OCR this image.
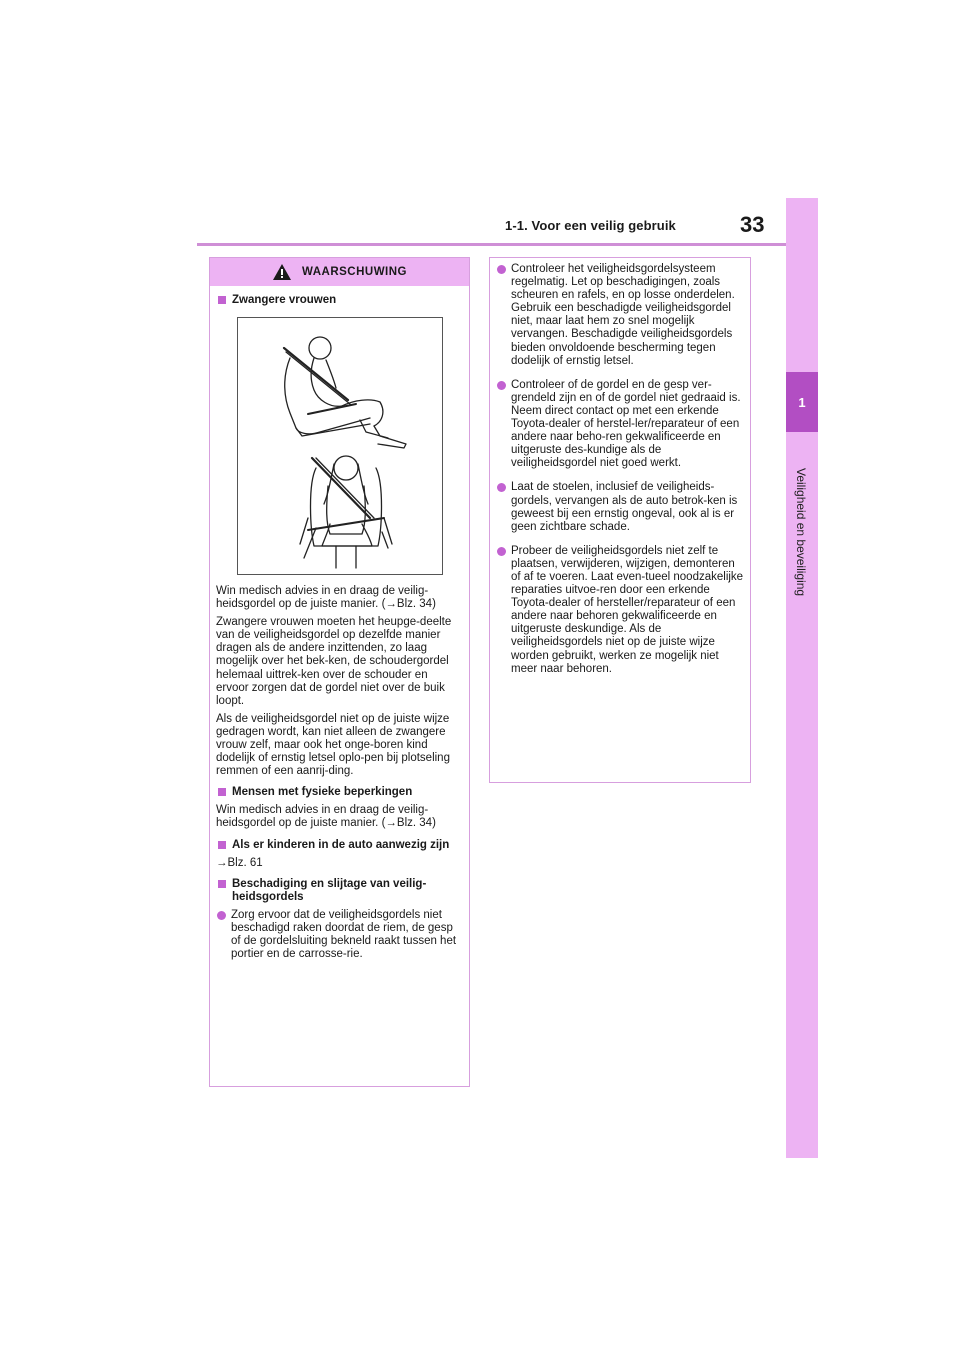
1-1. Voor een veilig gebruik	33
1
Veiligheid en beveiliging
WAARSCHUWING
Zwangere vrouwen
Win medisch advies in en draag de veilig-heidsgordel op de juiste manier. (→Blz. 34)
Zwangere vrouwen moeten het heupge-deelte van de veiligheidsgordel op dezelfde manier dragen als de andere inzittenden, zo laag mogelijk over het bek-ken, de schoudergordel helemaal uittrek-ken over de schouder en ervoor zorgen dat de gordel niet over de buik loopt.
Als de veiligheidsgordel niet op de juiste wijze gedragen wordt, kan niet alleen de zwangere vrouw zelf, maar ook het onge-boren kind dodelijk of ernstig letsel oplo-pen bij plotseling remmen of een aanrij-ding.
Mensen met fysieke beperkingen
Win medisch advies in en draag de veilig-heidsgordel op de juiste manier. (→Blz. 34)
Als er kinderen in de auto aanwezig zijn
→Blz. 61
Beschadiging en slijtage van veilig-heidsgordels
Zorg ervoor dat de veiligheidsgordels niet beschadigd raken doordat de riem, de gesp of de gordelsluiting bekneld raakt tussen het portier en de carrosse-rie.
Controleer het veiligheidsgordelsysteem regelmatig. Let op beschadigingen, zoals scheuren en rafels, en op losse onderdelen. Gebruik een beschadigde veiligheidsgordel niet, maar laat hem zo snel mogelijk vervangen. Beschadigde veiligheidsgordels bieden onvoldoende bescherming tegen dodelijk of ernstig letsel.
Controleer of de gordel en de gesp ver-grendeld zijn en of de gordel niet gedraaid is. Neem direct contact op met een erkende Toyota-dealer of herstel-ler/reparateur of een andere naar beho-ren gekwalificeerde en uitgeruste des-kundige als de veiligheidsgordel niet goed werkt.
Laat de stoelen, inclusief de veiligheids-gordels, vervangen als de auto betrok-ken is geweest bij een ernstig ongeval, ook al is er geen zichtbare schade.
Probeer de veiligheidsgordels niet zelf te plaatsen, verwijderen, wijzigen, demonteren of af te voeren. Laat even-tueel noodzakelijke reparaties uitvoe-ren door een erkende Toyota-dealer of hersteller/reparateur of een andere naar behoren gekwalificeerde en uitgeruste deskundige. Als de veiligheidsgordels niet op de juiste wijze worden gebruikt, werken ze mogelijk niet meer naar behoren.
